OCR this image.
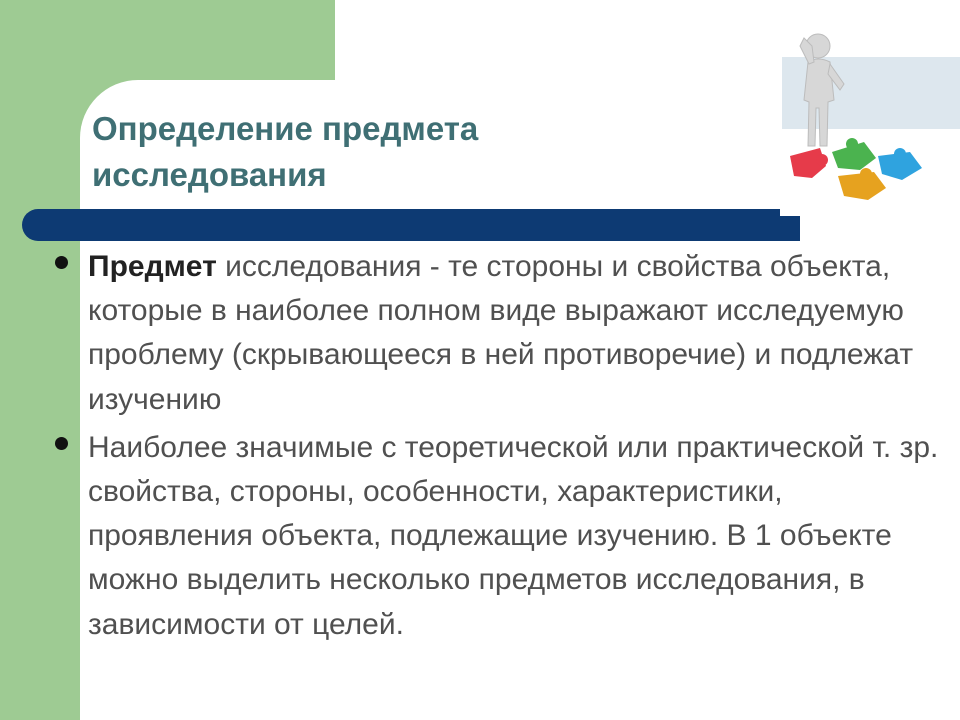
Определение предмета исследования
Предмет исследования - те стороны и свойства объекта, которые в наиболее полном виде выражают исследуемую проблему (скрывающееся в ней противоречие) и подлежат изучению
Наиболее значимые с теоретической или практической т. зр. свойства, стороны, особенности, характеристики, проявления объекта, подлежащие изучению. В 1 объекте можно выделить несколько предметов исследования, в зависимости от целей.
